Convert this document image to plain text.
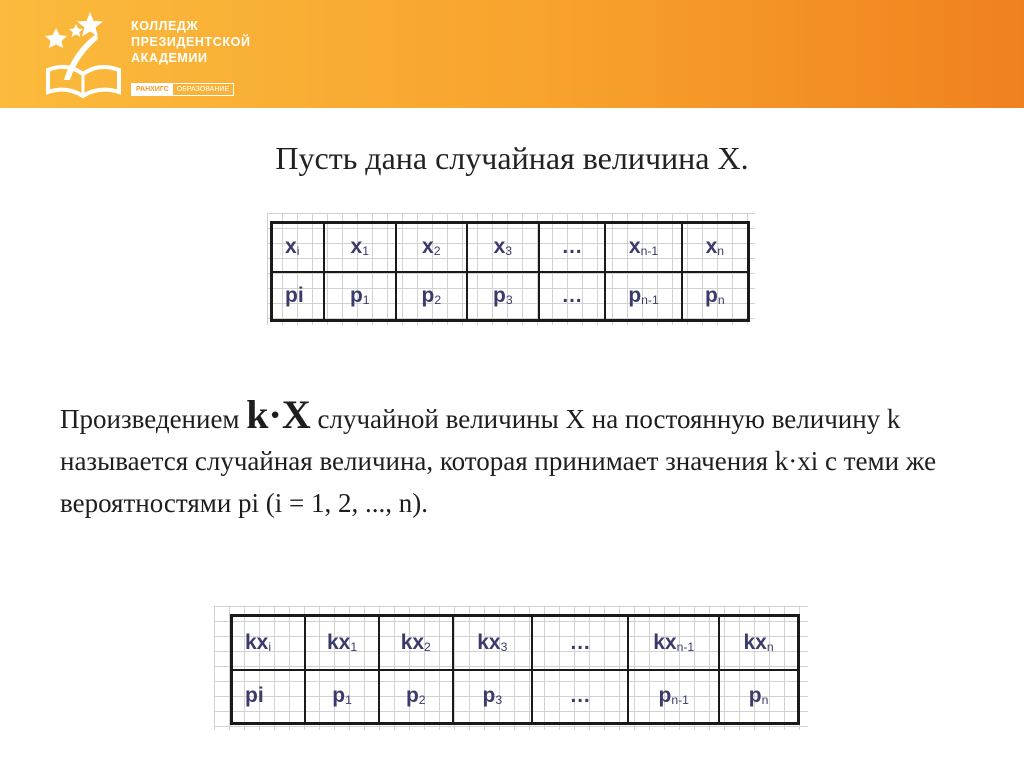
КОЛЛЕДЖ
ПРЕЗИДЕНТСКОЙ
АКАДЕМИИ
РАНХИГС	ОБРАЗОВАНИЕ
Пусть дана случайная величина X.
xi	x1	x2	x3	…	xn-1	xn
pi	p1	p2	p3	…	pn-1	pn
Произведением k·X случайной величины X на постоянную величину k называется случайная величина, которая принимает значения k·xi с теми же вероятностями pi (i = 1, 2, ..., n).
kxi	kx1	kx2	kx3	…	kxn-1	kxn
pi	p1	p2	p3	…	pn-1	pn
